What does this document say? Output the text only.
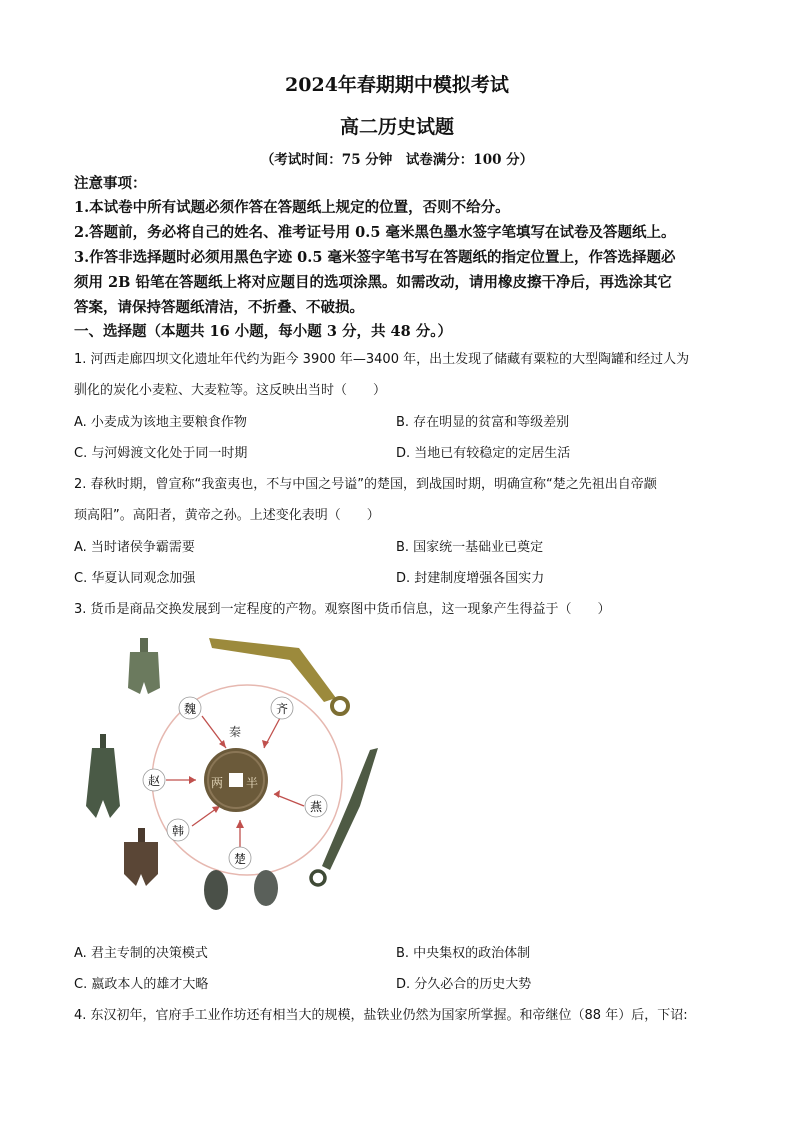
2024年春期期中模拟考试
高二历史试题
（考试时间：75 分钟　试卷满分：100 分）
注意事项：
1.本试卷中所有试题必须作答在答题纸上规定的位置，否则不给分。
2.答题前，务必将自己的姓名、准考证号用 0.5 毫米黑色墨水签字笔填写在试卷及答题纸上。
3.作答非选择题时必须用黑色字迹 0.5 毫米签字笔书写在答题纸的指定位置上，作答选择题必
须用 2B 铅笔在答题纸上将对应题目的选项涂黑。如需改动，请用橡皮擦干净后，再选涂其它
答案，请保持答题纸清洁，不折叠、不破损。
一、选择题（本题共 16 小题，每小题 3 分，共 48 分。）
1. 河西走廊四坝文化遗址年代约为距今 3900 年—3400 年，出土发现了储藏有粟粒的大型陶罐和经过人为
驯化的炭化小麦粒、大麦粒等。这反映出当时（　　）
A. 小麦成为该地主要粮食作物	B. 存在明显的贫富和等级差别
C. 与河姆渡文化处于同一时期	D. 当地已有较稳定的定居生活
2. 春秋时期，曾宣称“我蛮夷也，不与中国之号谥”的楚国，到战国时期，明确宣称“楚之先祖出自帝颛
顼高阳”。高阳者，黄帝之孙。上述变化表明（　　）
A. 当时诸侯争霸需要	B. 国家统一基础业已奠定
C. 华夏认同观念加强	D. 封建制度增强各国实力
3. 货币是商品交换发展到一定程度的产物。观察图中货币信息，这一现象产生得益于（　　）
两 半
秦
魏	齐
赵
燕
韩
楚
A. 君主专制的决策模式	B. 中央集权的政治体制
C. 嬴政本人的雄才大略	D. 分久必合的历史大势
4. 东汉初年，官府手工业作坊还有相当大的规模，盐铁业仍然为国家所掌握。和帝继位（88 年）后，下诏:
